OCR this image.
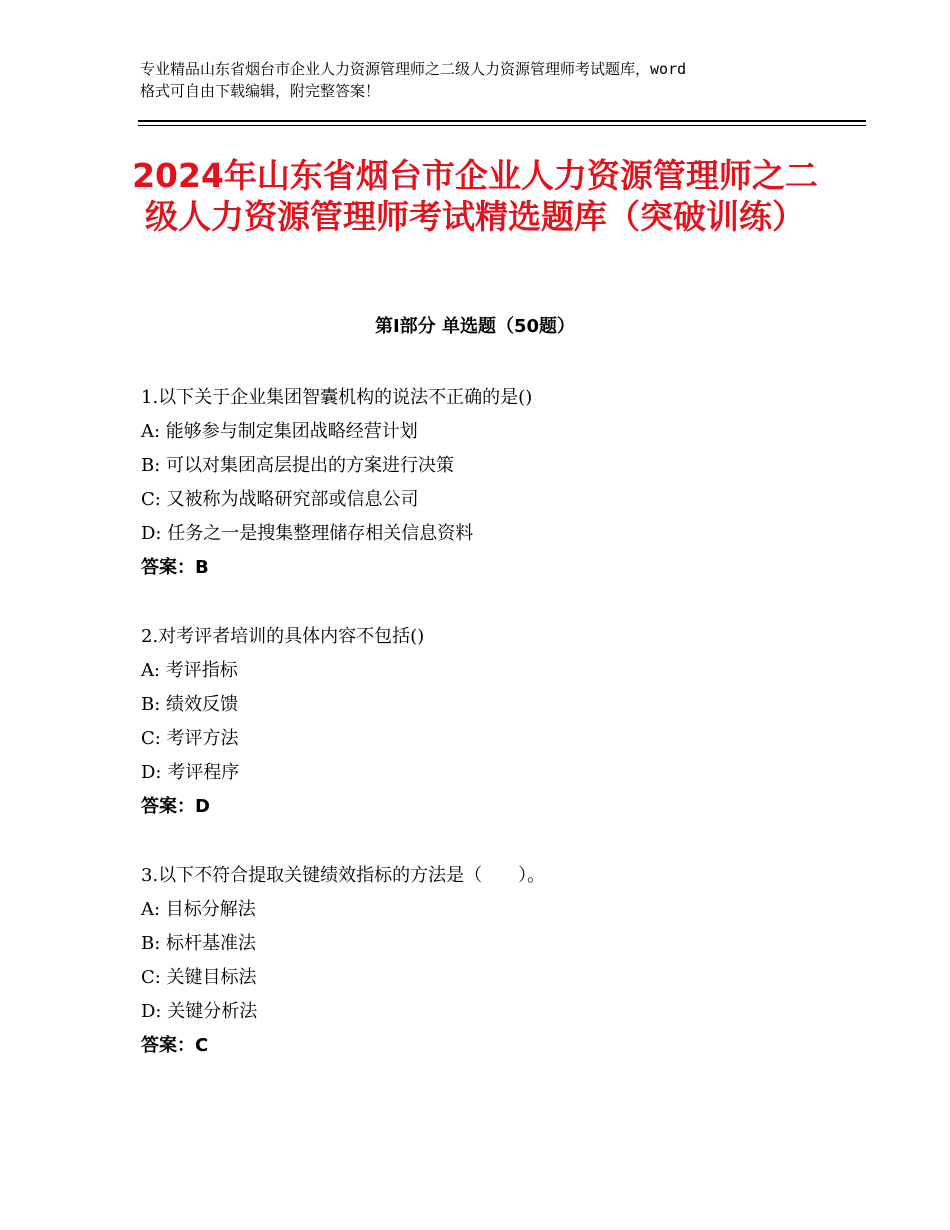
专业精品山东省烟台市企业人力资源管理师之二级人力资源管理师考试题库，word
格式可自由下载编辑，附完整答案！
2024年山东省烟台市企业人力资源管理师之二级人力资源管理师考试精选题库（突破训练）
第Ⅰ部分 单选题（50题）
1.以下关于企业集团智囊机构的说法不正确的是()
A: 能够参与制定集团战略经营计划
B: 可以对集团高层提出的方案进行决策
C: 又被称为战略研究部或信息公司
D: 任务之一是搜集整理储存相关信息资料
答案：B
2.对考评者培训的具体内容不包括()
A: 考评指标
B: 绩效反馈
C: 考评方法
D: 考评程序
答案：D
3.以下不符合提取关键绩效指标的方法是（　　）。
A: 目标分解法
B: 标杆基准法
C: 关键目标法
D: 关键分析法
答案：C
